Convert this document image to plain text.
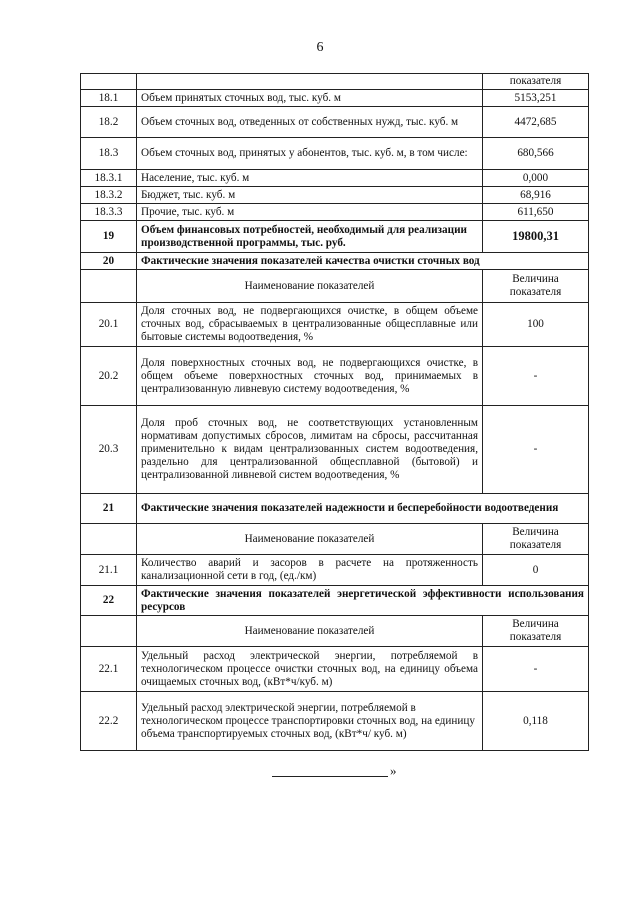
6
		показателя
18.1	Объем принятых сточных вод, тыс. куб. м	5153,251
18.2	Объем сточных вод, отведенных от собственных нужд, тыс. куб. м	4472,685
18.3	Объем сточных вод, принятых у абонентов, тыс. куб. м, в том числе:	680,566
18.3.1	Население, тыс. куб. м	0,000
18.3.2	Бюджет, тыс. куб. м	68,916
18.3.3	Прочие, тыс. куб. м	611,650
19	Объем финансовых потребностей, необходимый для реализации производственной программы, тыс. руб.	19800,31
20	Фактические значения показателей качества очистки сточных вод	
	Наименование показателей	Величина показателя
20.1	Доля сточных вод, не подвергающихся очистке, в общем объеме сточных вод, сбрасываемых в централизованные общесплавные или бытовые системы водоотведения, %	100
20.2	Доля поверхностных сточных вод, не подвергающихся очистке, в общем объеме поверхностных сточных вод, принимаемых в централизованную ливневую систему водоотведения, %	-
20.3	Доля проб сточных вод, не соответствующих установленным нормативам допустимых сбросов, лимитам на сбросы, рассчитанная применительно к видам централизованных систем водоотведения, раздельно для централизованной общесплавной (бытовой) и централизованной ливневой систем водоотведения, %	-
21	Фактические значения показателей надежности и бесперебойности водоотведения	
	Наименование показателей	Величина показателя
21.1	Количество аварий и засоров в расчете на протяженность канализационной сети в год, (ед./км)	0
22	Фактические значения показателей энергетической эффективности использования ресурсов	
	Наименование показателей	Величина показателя
22.1	Удельный расход электрической энергии, потребляемой в технологическом процессе очистки сточных вод, на единицу объема очищаемых сточных вод, (кВт*ч/куб. м)	-
22.2	Удельный расход электрической энергии, потребляемой в технологическом процессе транспортировки сточных вод, на единицу объема транспортируемых сточных вод, (кВт*ч/ куб. м)	0,118
»
